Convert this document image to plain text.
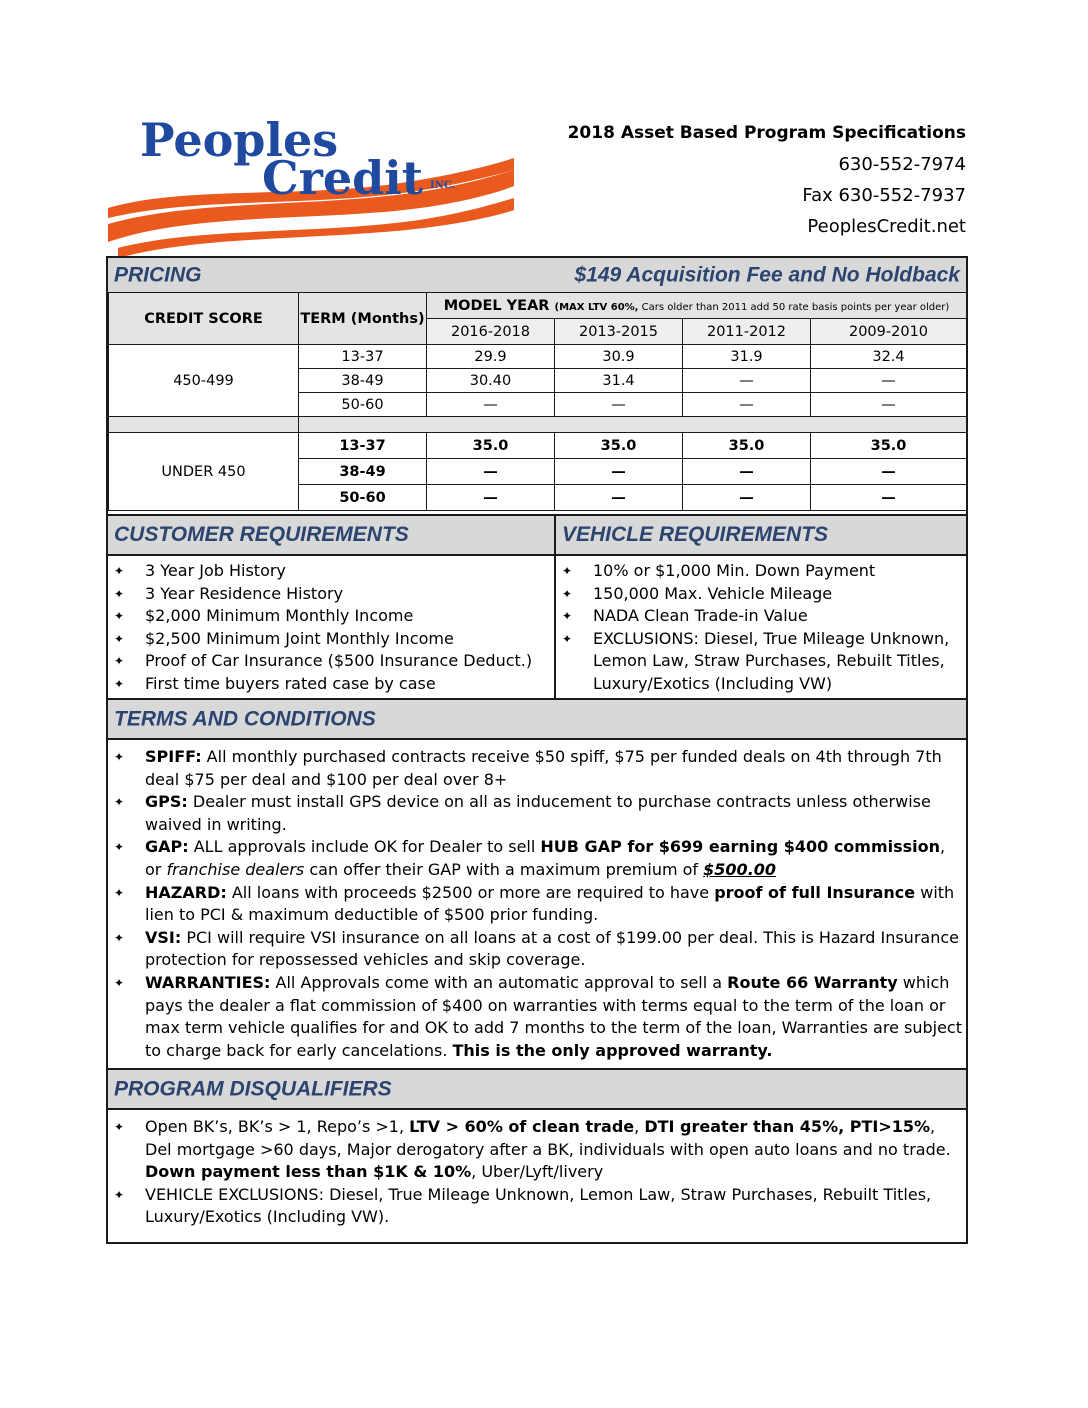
Peoples
Credit INC.
2018 Asset Based Program Specifications
630-552-7974
Fax 630-552-7937
PeoplesCredit.net
PRICING	$149 Acquisition Fee and No Holdback
CREDIT SCORE	TERM (Months)	MODEL YEAR (MAX LTV 60%, Cars older than 2011 add 50 rate basis points per year older)			
		2016-2018	2013-2015	2011-2012	2009-2010
450-499	13-37	29.9	30.9	31.9	32.4
	38-49	30.40	31.4	—	—
	50-60	—	—	—	—

UNDER 450	13-37	35.0	35.0	35.0	35.0
	38-49	—	—	—	—
	50-60	—	—	—	—
CUSTOMER REQUIREMENTS
✦ 3 Year Job History
✦ 3 Year Residence History
✦ $2,000 Minimum Monthly Income
✦ $2,500 Minimum Joint Monthly Income
✦ Proof of Car Insurance ($500 Insurance Deduct.)
✦ First time buyers rated case by case
VEHICLE REQUIREMENTS
✦ 10% or $1,000 Min. Down Payment
✦ 150,000 Max. Vehicle Mileage
✦ NADA Clean Trade-in Value
✦ EXCLUSIONS: Diesel, True Mileage Unknown, Lemon Law, Straw Purchases, Rebuilt Titles, Luxury/Exotics (Including VW)
TERMS AND CONDITIONS
✦ SPIFF: All monthly purchased contracts receive $50 spiff, $75 per funded deals on 4th through 7th deal $75 per deal and $100 per deal over 8+
✦ GPS: Dealer must install GPS device on all as inducement to purchase contracts unless otherwise waived in writing.
✦ GAP: ALL approvals include OK for Dealer to sell HUB GAP for $699 earning $400 commission, or franchise dealers can offer their GAP with a maximum premium of $500.00
✦ HAZARD: All loans with proceeds $2500 or more are required to have proof of full Insurance with lien to PCI & maximum deductible of $500 prior funding.
✦ VSI: PCI will require VSI insurance on all loans at a cost of $199.00 per deal. This is Hazard Insurance protection for repossessed vehicles and skip coverage.
✦ WARRANTIES: All Approvals come with an automatic approval to sell a Route 66 Warranty which pays the dealer a flat commission of $400 on warranties with terms equal to the term of the loan or max term vehicle qualifies for and OK to add 7 months to the term of the loan, Warranties are subject to charge back for early cancelations. This is the only approved warranty.
PROGRAM DISQUALIFIERS
✦ Open BK’s, BK’s > 1, Repo’s >1, LTV > 60% of clean trade, DTI greater than 45%, PTI>15%, Del mortgage >60 days, Major derogatory after a BK, individuals with open auto loans and no trade. Down payment less than $1K & 10%, Uber/Lyft/livery
✦ VEHICLE EXCLUSIONS: Diesel, True Mileage Unknown, Lemon Law, Straw Purchases, Rebuilt Titles, Luxury/Exotics (Including VW).
